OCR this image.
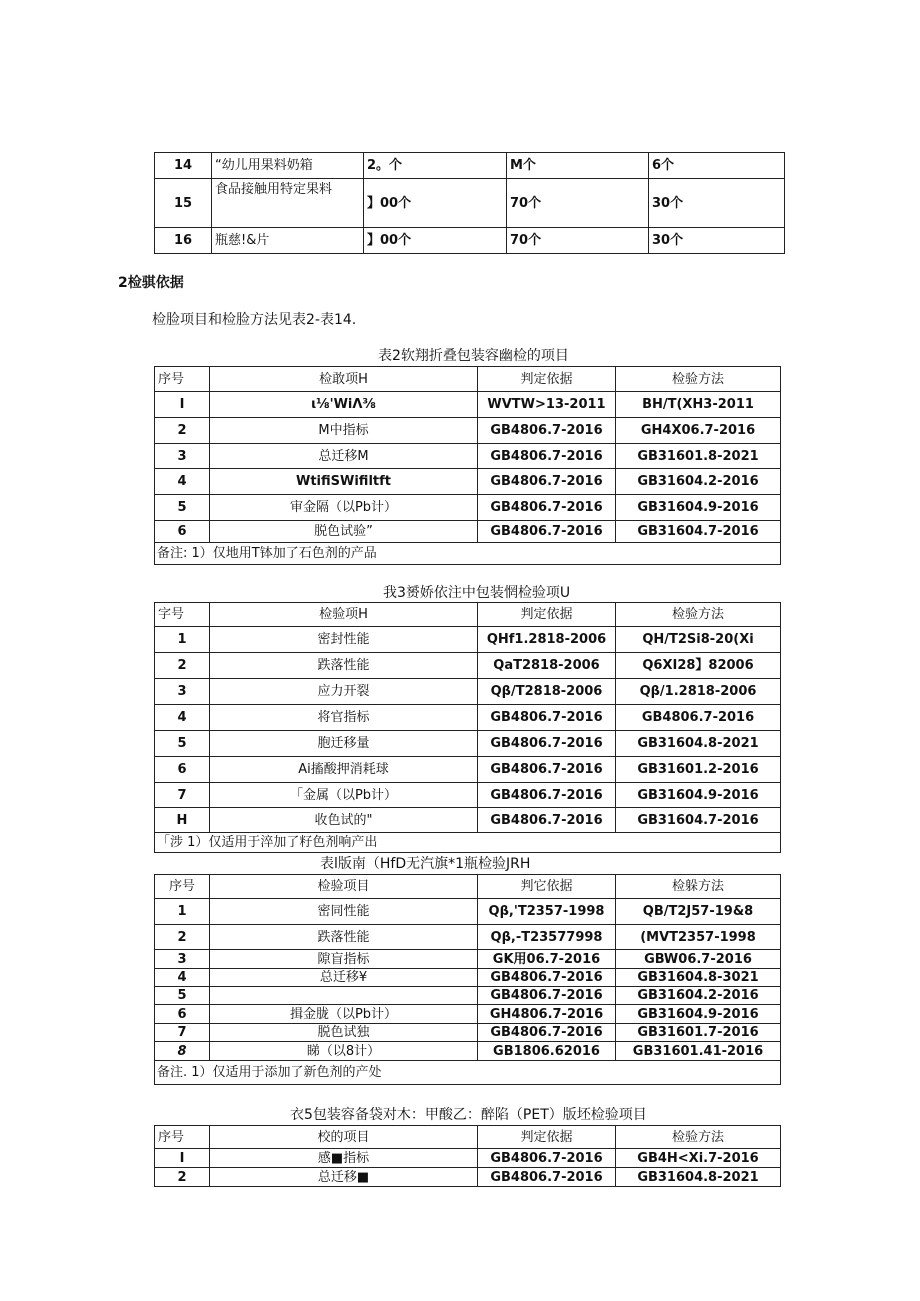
14	“幼儿用果料奶箱	2。个	M个	6个
15	食品接触用特定果料	】00个	70个	30个
16	瓶慈!&片	】00个	70个	30个
2检骐依据
检脸项目和检脸方法见表2-表14.
表2软翔折叠包装容幽检的项目
序号	检敢项H	判定依据	检验方法
I	ι⅛'WiΛ⅜	WVTW>13-2011	BH/T(XH3-2011
2	M中指标	GB4806.7-2016	GH4X06.7-2016
3	总迁移M	GB4806.7-2016	GB31601.8-2021
4	WtifiSWifiltft	GB4806.7-2016	GB31604.2-2016
5	审金隔（以Pb计）	GB4806.7-2016	GB31604.9-2016
6	脱色试验”	GB4806.7-2016	GB31604.7-2016
备注: 1）仅地用T钵加了石色剂的产品			
我3赟娇依注中包装惘检验项U
字号	检验项H	判定依据	检验方法
1	密封性能	QHf1.2818-2006	QH/T2Si8-20(Xi
2	跌落性能	QaT2818-2006	Q6XI28】82006
3	应力开裂	Qβ/T2818-2006	Qβ/1.2818-2006
4	将官指标	GB4806.7-2016	GB4806.7-2016
5	胞迁移量	GB4806.7-2016	GB31604.8-2021
6	Ai搐酸押消耗球	GB4806.7-2016	GB31601.2-2016
7	「金属（以Pb计）	GB4806.7-2016	GB31604.9-2016
H	收色试的"	GB4806.7-2016	GB31604.7-2016
「涉 1）仅适用于淬加了籽色剂响产出			
表l版南（HfD无汽旗*1瓶检验JRH
序号	检验项目	判它依据	检躲方法
1	密同性能	Qβ,'T2357-1998	QB/T2J57-19&8
2	跌落性能	Qβ,-T23577998	(MVT2357-1998
3	隙盲指标	GK用06.7-2016	GBW06.7-2016
4	总迁移¥	GB4806.7-2016	GB31604.8-3021
5		GB4806.7-2016	GB31604.2-2016
6	揖金胧（以Pb计）	GH4806.7-2016	GB31604.9-2016
7	脱色试独	GB4806.7-2016	GB31601.7-2016
8	睇（以8计）	GB1806.62016	GB31601.41-2016
备注. 1）仅适用于添加了新色剂的产处			
衣5包装容备袋对木：甲酸乙：醉陷（PET）版坯检验项目
序号	校的项目	判定依据	检验方法
I	感■指标	GB4806.7-2016	GB4H<Xi.7-2016
2	总迁移■	GB4806.7-2016	GB31604.8-2021
